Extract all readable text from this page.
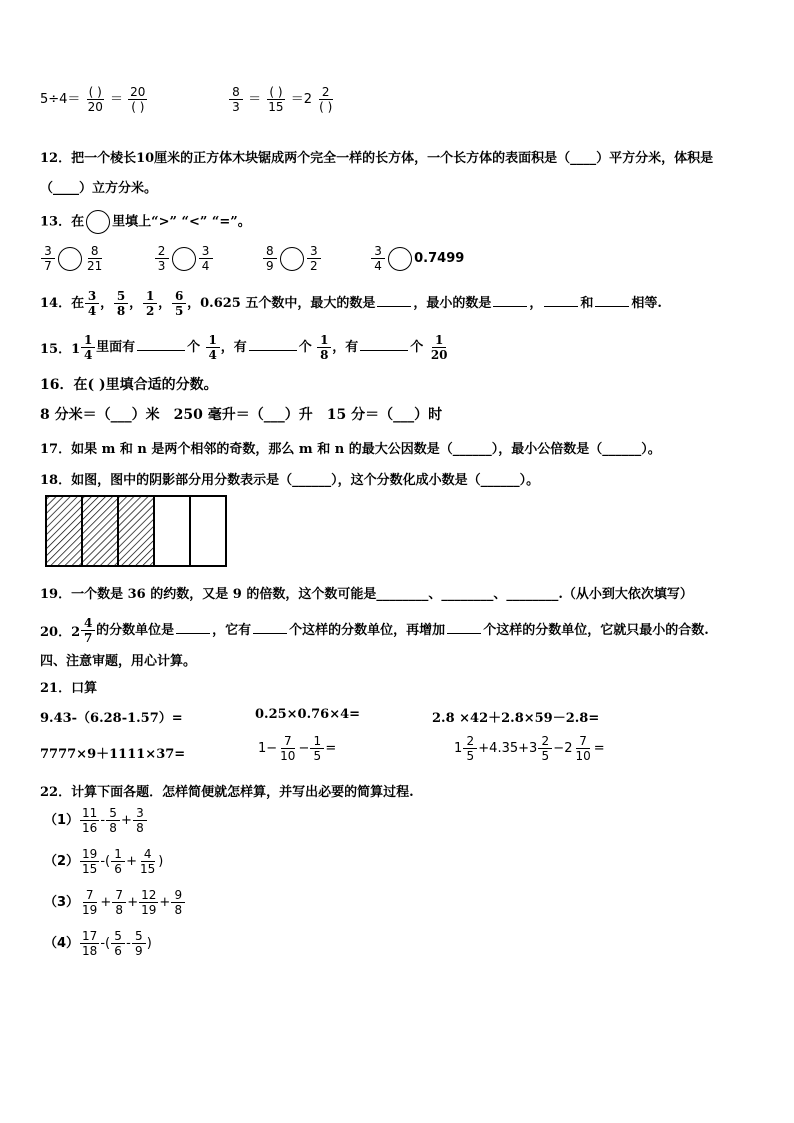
$5\div 4= \frac{( )}{20} = \frac{20}{( )}$	$\frac{8}{3} = \frac{( )}{15} =2 \frac{2}{( )}$
12．把一个棱长10厘米的正方体木块锯成两个完全一样的长方体，一个长方体的表面积是（____）平方分米，体积是
（____）立方分米。
13．在 里填上“>” “<” “=”。
$\frac{3}{7}$	$\frac{8}{21}$
	$\frac{2}{3}$	$\frac{3}{4}$
	$\frac{8}{9}$	$\frac{3}{2}$
	$\frac{3}{4} 0.7499$
14．在 $\frac{3}{4}$ ， $\frac{5}{8}$ ， $\frac{1}{2}$ ， $\frac{6}{5}$ ，0.625 五个数中，最大的数是	，最小的数是	，	和	相等.
15．$1 \frac{1}{4}$ 里面有	个 $\frac{1}{4}$ ，有	个 $\frac{1}{8}$ ，有	个 $\frac{1}{20}$
16．在( )里填合适的分数。
8 分米＝（___）米　250 毫升＝（___）升　15 分＝（___）时
17．如果 m 和 n 是两个相邻的奇数，那么 m 和 n 的最大公因数是（______），最小公倍数是（______）。
18．如图，图中的阴影部分用分数表示是（______），这个分数化成小数是（______）。
19．一个数是 36 的约数，又是 9 的倍数，这个数可能是________、________、________.（从小到大依次填写）
20．$2 \frac{4}{7}$ 的分数单位是	，它有	个这样的分数单位，再增加	个这样的分数单位，它就只最小的合数.
四、注意审题，用心计算。
21．口算
9.43-（6.28-1.57）=	0.25×0.76×4=	2.8 ×42＋2.8×59－2.8=
7777×9＋1111×37=	$1- \frac{7}{10} - \frac{1}{5}$ =	$1 \frac{2}{5} +4.35+3 \frac{2}{5} -2 \frac{7}{10}$ =
22．计算下面各题．怎样简便就怎样算，并写出必要的简算过程.
$(1) \frac{11}{16} - \frac{5}{8} + \frac{3}{8}$
$(2) \frac{19}{15}$ -( $\frac{1}{6} + \frac{4}{15}$ )
$(3) \frac{7}{19} + \frac{7}{8} + \frac{12}{19} + \frac{9}{8}$
$(4) \frac{17}{18}$ -( $\frac{5}{6} - \frac{5}{9}$ )
